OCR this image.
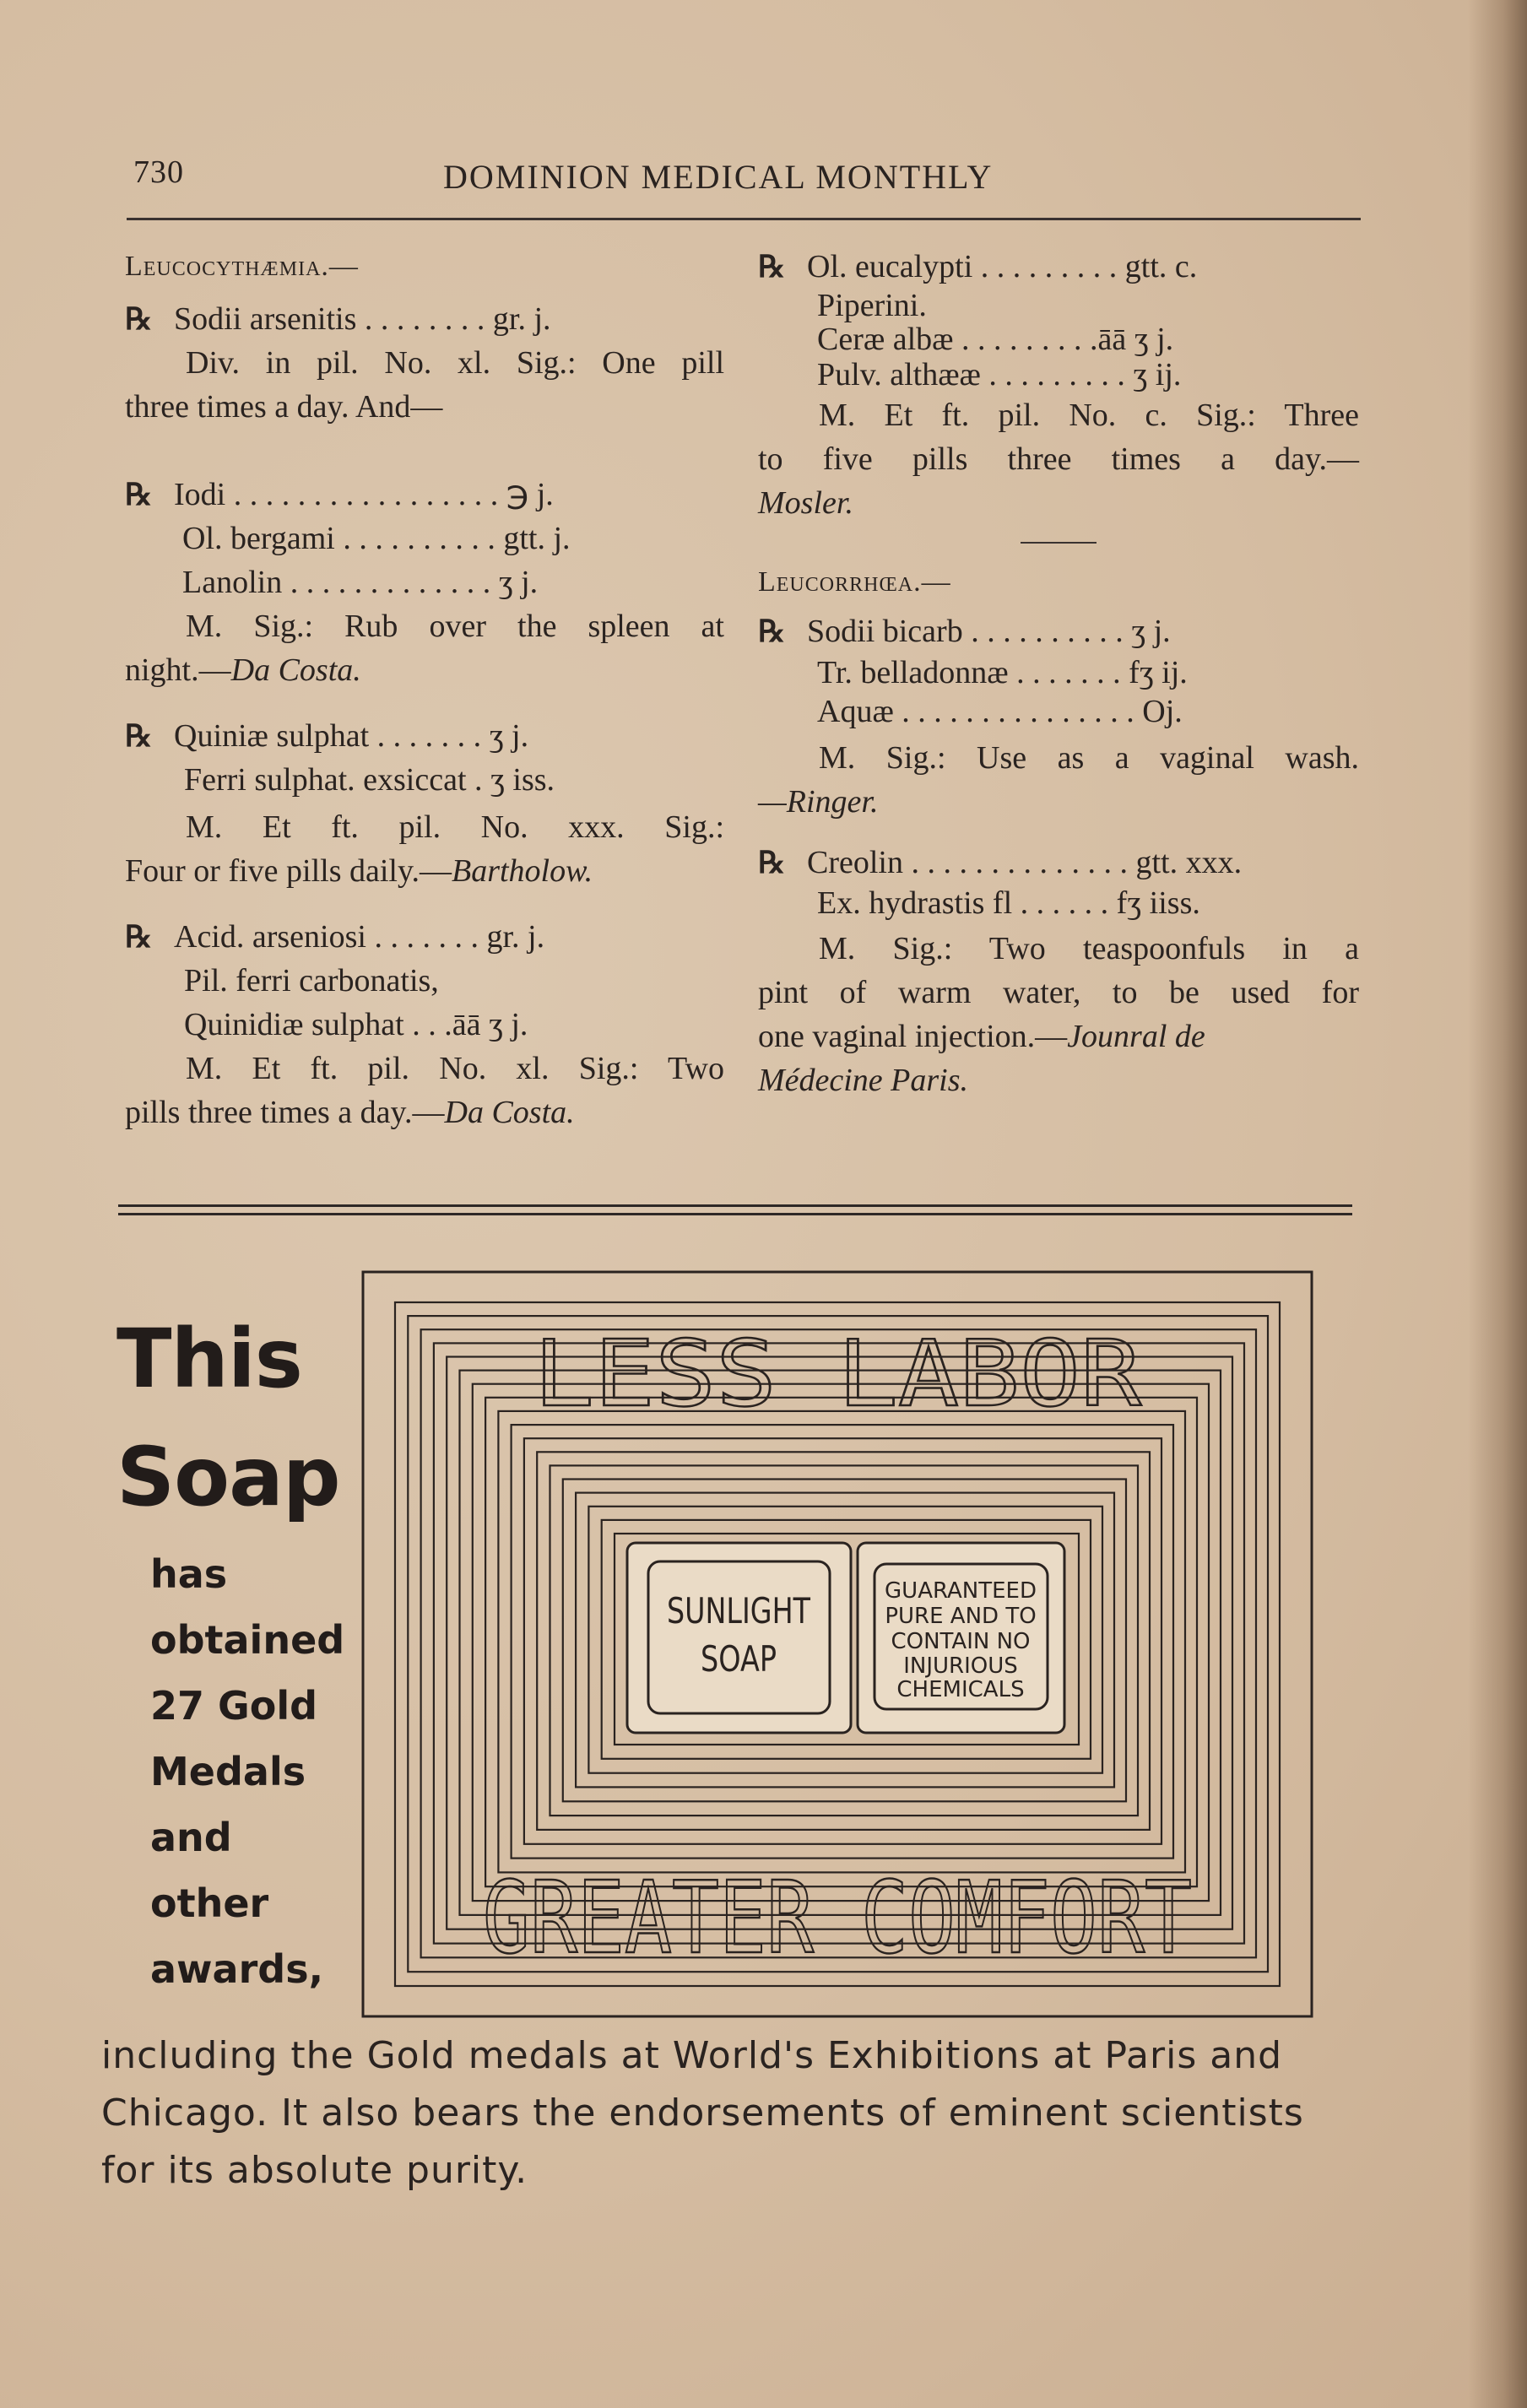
730	DOMINION MEDICAL MONTHLY
Leucocythæmia.—
℞ Sodii arsenitis . . . . . . . . gr. j.
Div. in pil. No. xl. Sig.: One pill
three times a day. And—
℞ Iodi . . . . . . . . . . . . . . . . . ℈ j.
Ol. bergami . . . . . . . . . . gtt. j.
Lanolin . . . . . . . . . . . . . ʒ j.
M. Sig.: Rub over the spleen at
night.—Da Costa.
℞ Quiniæ sulphat . . . . . . . ʒ j.
Ferri sulphat. exsiccat . ʒ iss.
M. Et ft. pil. No. xxx. Sig.:
Four or five pills daily.—Bartholow.
℞ Acid. arseniosi . . . . . . . gr. j.
Pil. ferri carbonatis,
Quinidiæ sulphat . . .āā ʒ j.
M. Et ft. pil. No. xl. Sig.: Two
pills three times a day.—Da Costa.
℞ Ol. eucalypti . . . . . . . . . gtt. c.
Piperini.
Ceræ albæ . . . . . . . . .āā ʒ j.
Pulv. althææ . . . . . . . . . ʒ ij.
M. Et ft. pil. No. c. Sig.: Three
to five pills three times a day.—
Mosler.
Leucorrhœa.—
℞ Sodii bicarb . . . . . . . . . . ʒ j.
Tr. belladonnæ . . . . . . . fʒ ij.
Aquæ . . . . . . . . . . . . . . . Oj.
M. Sig.: Use as a vaginal wash.
—Ringer.
℞ Creolin . . . . . . . . . . . . . . gtt. xxx.
Ex. hydrastis fl . . . . . . fʒ iiss.
M. Sig.: Two teaspoonfuls in a
pint of warm water, to be used for
one vaginal injection.—Jounral de
Médecine Paris.
This
Soap
has
obtained
27 Gold
Medals
and
other
awards,
LESS LABOR
GREATER COMFORT
SUNLIGHT
SOAP
GUARANTEED
PURE AND TO
CONTAIN NO
INJURIOUS
CHEMICALS
including the Gold medals at World's Exhibitions at Paris and
Chicago. It also bears the endorsements of eminent scientists
for its absolute purity.
